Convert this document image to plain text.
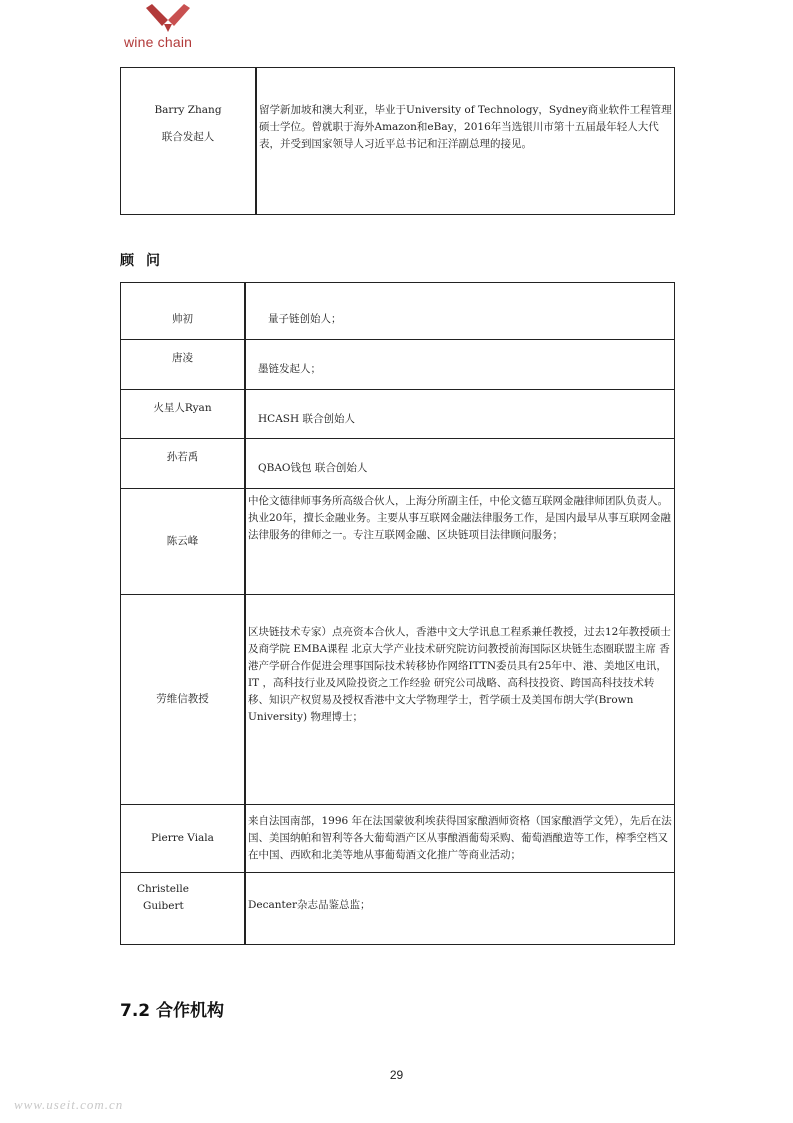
wine chain
Barry Zhang
联合发起人
	留学新加坡和澳大利亚，毕业于University of Technology，Sydney商业软件工程管理硕士学位。曾就职于海外Amazon和eBay，2016年当选银川市第十五届最年轻人大代表，并受到国家领导人习近平总书记和汪洋副总理的接见。
顾问
帅初	量子链创始人；
唐凌	墨链发起人；
火星人Ryan	HCASH 联合创始人
孙若禹	QBAO钱包 联合创始人
陈云峰	中伦文德律师事务所高级合伙人，上海分所副主任，中伦文德互联网金融律师团队负责人。执业20年，擅长金融业务。主要从事互联网金融法律服务工作，是国内最早从事互联网金融法律服务的律师之一。专注互联网金融、区块链项目法律顾问服务；
劳维信教授	区块链技术专家）点亮资本合伙人，香港中文大学讯息工程系兼任教授，过去12年教授硕士及商学院 EMBA课程 北京大学产业技术研究院访问教授前海国际区块链生态圈联盟主席 香港产学研合作促进会理事国际技术转移协作网络ITTN委员具有25年中、港、美地区电讯，IT ，高科技行业及风险投资之工作经验 研究公司战略、高科技投资、跨国高科技技术转移、知识产权贸易及授权香港中文大学物理学士，哲学硕士及美国布朗大学(Brown University) 物理博士；
Pierre Viala	来自法国南部，1996 年在法国蒙彼利埃获得国家酿酒师资格（国家酿酒学文凭），先后在法国、美国纳帕和智利等各大葡萄酒产区从事酿酒葡萄采购、葡萄酒酿造等工作，榨季空档又在中国、西欧和北美等地从事葡萄酒文化推广等商业活动；

Christelle
Guibert	Decanter杂志品鉴总监；
7.2 合作机构
29
www.useit.com.cn
